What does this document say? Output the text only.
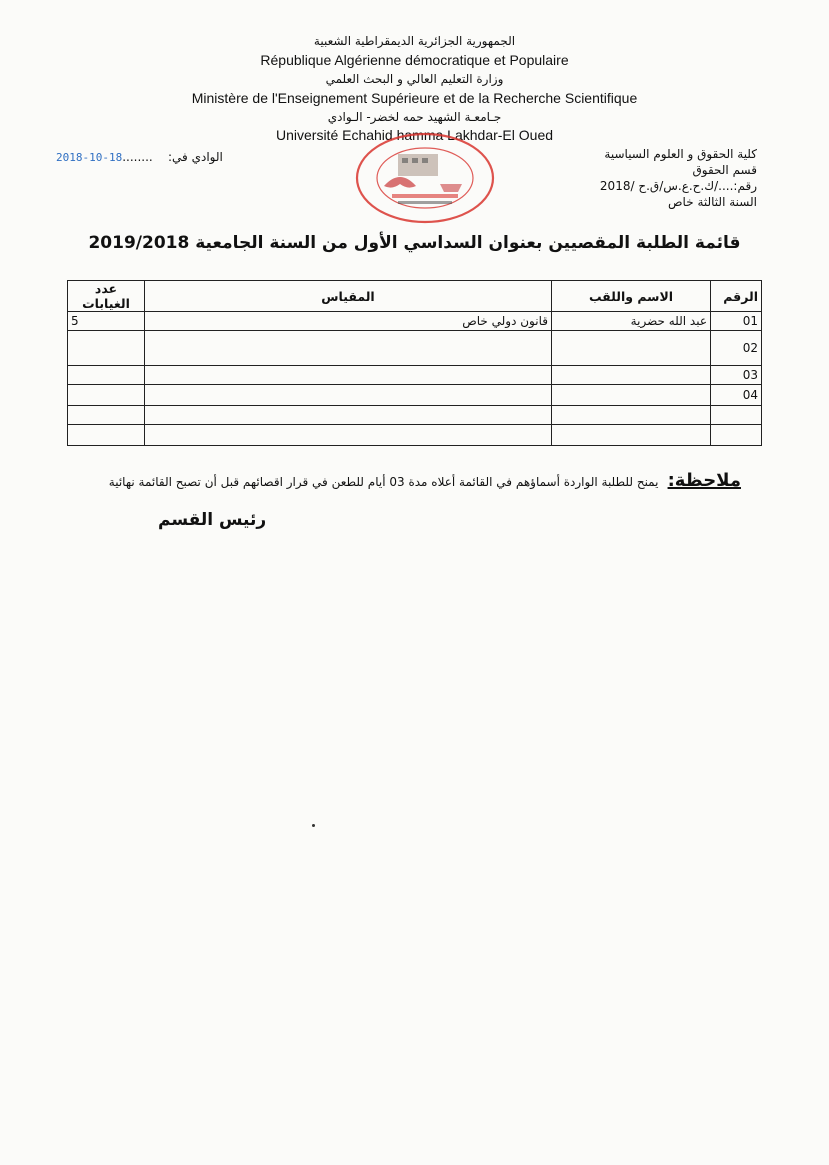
الجمهورية الجزائرية الديمقراطية الشعبية
République Algérienne démocratique et Populaire
وزارة التعليم العالي و البحث العلمي
Ministère de l'Enseignement Supérieure et de la Recherche Scientifique
جـامعـة الشهيد حمه لخضر- الـوادي
Université Echahid hamma Lakhdar-El Oued
كلية الحقوق و العلوم السياسية
قسم الحقوق
رقم:..../ك.ح.ع.س/ق.ح /2018
السنة الثالثة خاص
2018-10-18........ الوادي في:
قائمة الطلبة المقصيين بعنوان السداسي الأول من السنة الجامعية 2019/2018
الرقم	الاسم واللقب	المقياس	عدد الغيابات
01	عبد الله حضرية	قانون دولي خاص	5
02			
03			
04			

ملاحظة: يمنح للطلبة الواردة أسماؤهم في القائمة أعلاه مدة 03 أيام للطعن في قرار اقصائهم قبل أن تصبح القائمة نهائية
رئيس القسم
